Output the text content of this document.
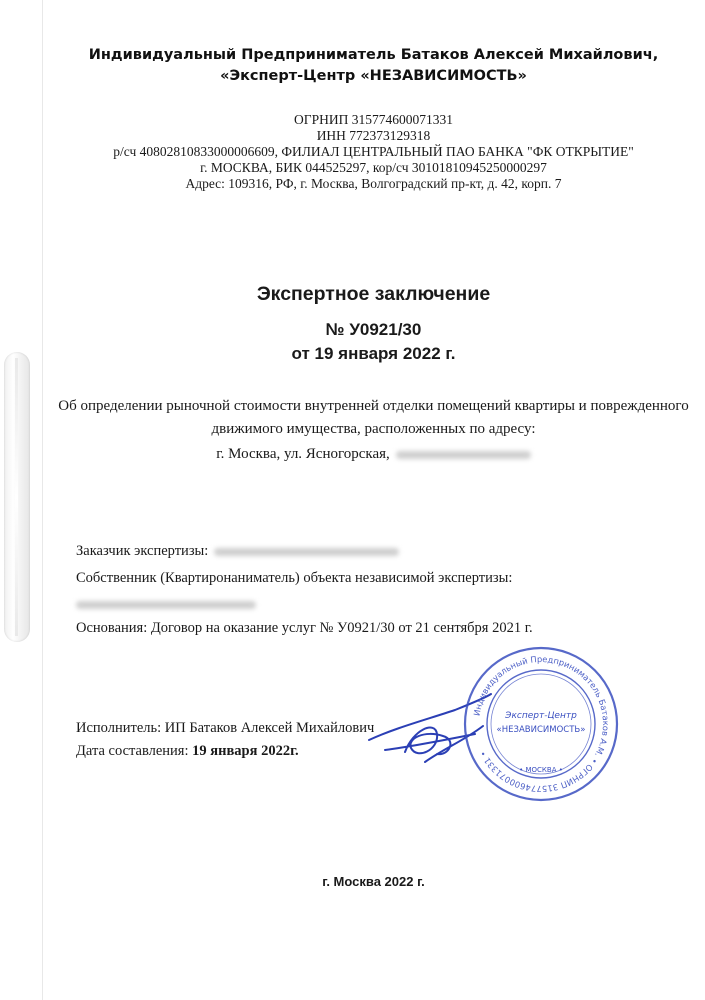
Индивидуальный Предприниматель Батаков Алексей Михайлович,
«Эксперт-Центр «НЕЗАВИСИМОСТЬ»
ОГРНИП 315774600071331
ИНН 772373129318
р/сч 40802810833000006609, ФИЛИАЛ ЦЕНТРАЛЬНЫЙ ПАО БАНКА "ФК ОТКРЫТИЕ"
г. МОСКВА, БИК 044525297, кор/сч 30101810945250000297
Адрес: 109316, РФ, г. Москва, Волгоградский пр-кт, д. 42, корп. 7
Экспертное заключение
№ У0921/30
от 19 января 2022 г.
Об определении рыночной стоимости внутренней отделки помещений квартиры и поврежденного
движимого имущества, расположенных по адресу:
г. Москва, ул. Ясногорская,
Заказчик экспертизы:
Собственник (Квартиронаниматель) объекта независимой экспертизы:
Основания: Договор на оказание услуг № У0921/30 от 21 сентября 2021 г.
Исполнитель: ИП Батаков Алексей Михайлович
Дата составления: 19 января 2022г.
Индивидуальный Предприниматель Батаков А.М. • ОГРНИП 315774600071331 •
Эксперт-Центр
«НЕЗАВИСИМОСТЬ»
• МОСКВА •
г. Москва 2022 г.
